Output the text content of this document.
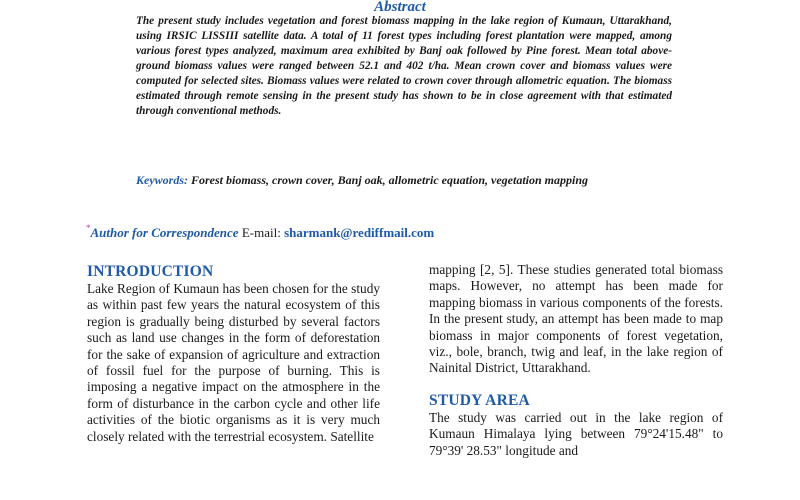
Abstract

The present study includes vegetation and forest biomass mapping in the lake region of Kumaun, Uttarakhand, using IRSIC LISSIII satellite data. A total of 11 forest types including forest plantation were mapped, among various forest types analyzed, maximum area exhibited by Banj oak followed by Pine forest. Mean total above-ground biomass values were ranged between 52.1 and 402 t/ha. Mean crown cover and biomass values were computed for selected sites. Biomass values were related to crown cover through allometric equation. The biomass estimated through remote sensing in the present study has shown to be in close agreement with that estimated through conventional methods.

Keywords: Forest biomass, crown cover, Banj oak, allometric equation, vegetation mapping

*Author for Correspondence E-mail: sharmank@rediffmail.com

INTRODUCTION

Lake Region of Kumaun has been chosen for the study as within past few years the natural ecosystem of this region is gradually being disturbed by several factors such as land use changes in the form of deforestation for the sake of expansion of agriculture and extraction of fossil fuel for the purpose of burning. This is imposing a negative impact on the atmosphere in the form of disturbance in the carbon cycle and other life activities of the biotic organisms as it is very much closely related with the terrestrial ecosystem. Satellite

mapping [2, 5]. These studies generated total biomass maps. However, no attempt has been made for mapping biomass in various components of the forests. In the present study, an attempt has been made to map biomass in major components of forest vegetation, viz., bole, branch, twig and leaf, in the lake region of Nainital District, Uttarakhand.

STUDY AREA

The study was carried out in the lake region of Kumaun Himalaya lying between 79°24'15.48" to 79°39' 28.53" longitude and
